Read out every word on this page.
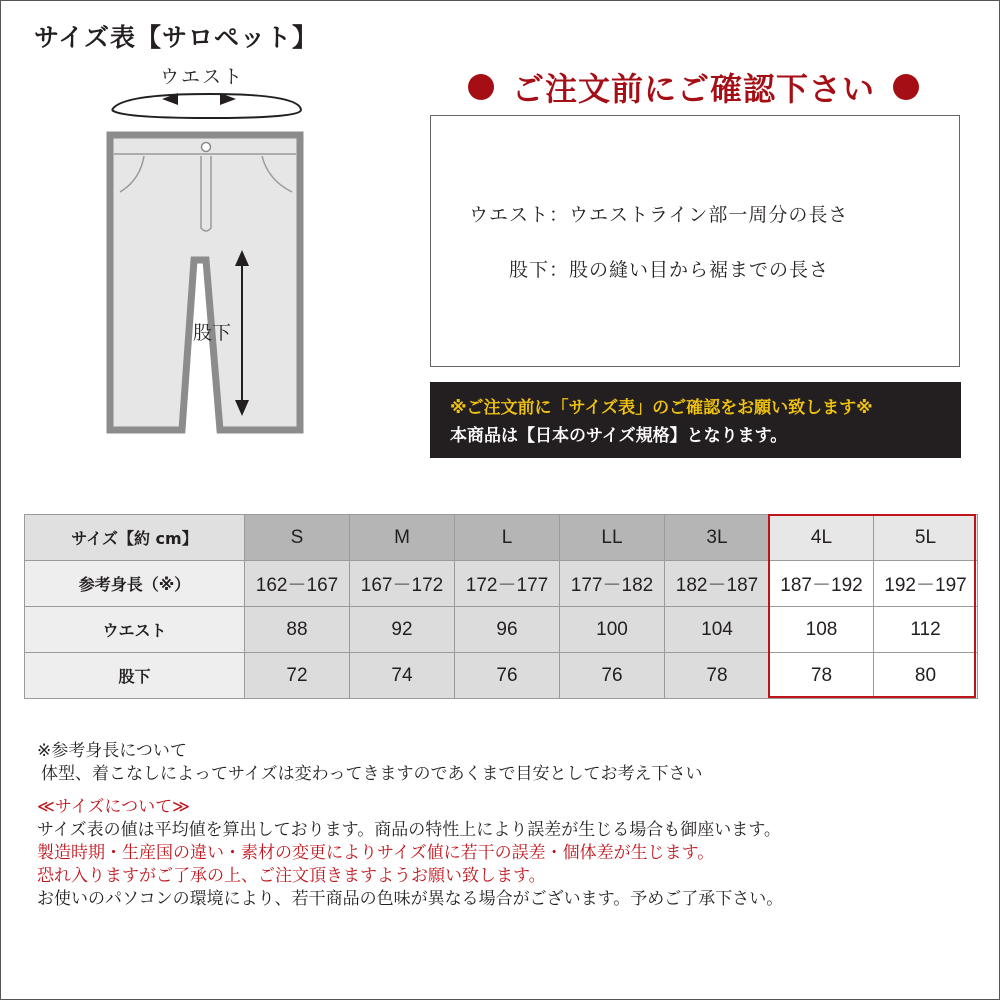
サイズ表【サロペット】
ウエスト
股下
ご注文前にご確認下さい
ウエスト：ウエストライン部一周分の長さ
股下：股の縫い目から裾までの長さ
※ご注文前に「サイズ表」のご確認をお願い致します※
本商品は【日本のサイズ規格】となります。
サイズ【約 cm】	S	M	L	LL	3L	4L	5L
参考身長（※）	162－167	167－172	172－177	177－182	182－187	187－192	192－197
ウエスト	88	92	96	100	104	108	112
股下	72	74	76	76	78	78	80
※参考身長について
体型、着こなしによってサイズは変わってきますのであくまで目安としてお考え下さい
≪サイズについて≫
サイズ表の値は平均値を算出しております。商品の特性上により誤差が生じる場合も御座います。
製造時期・生産国の違い・素材の変更によりサイズ値に若干の誤差・個体差が生じます。
恐れ入りますがご了承の上、ご注文頂きますようお願い致します。
お使いのパソコンの環境により、若干商品の色味が異なる場合がございます。予めご了承下さい。
